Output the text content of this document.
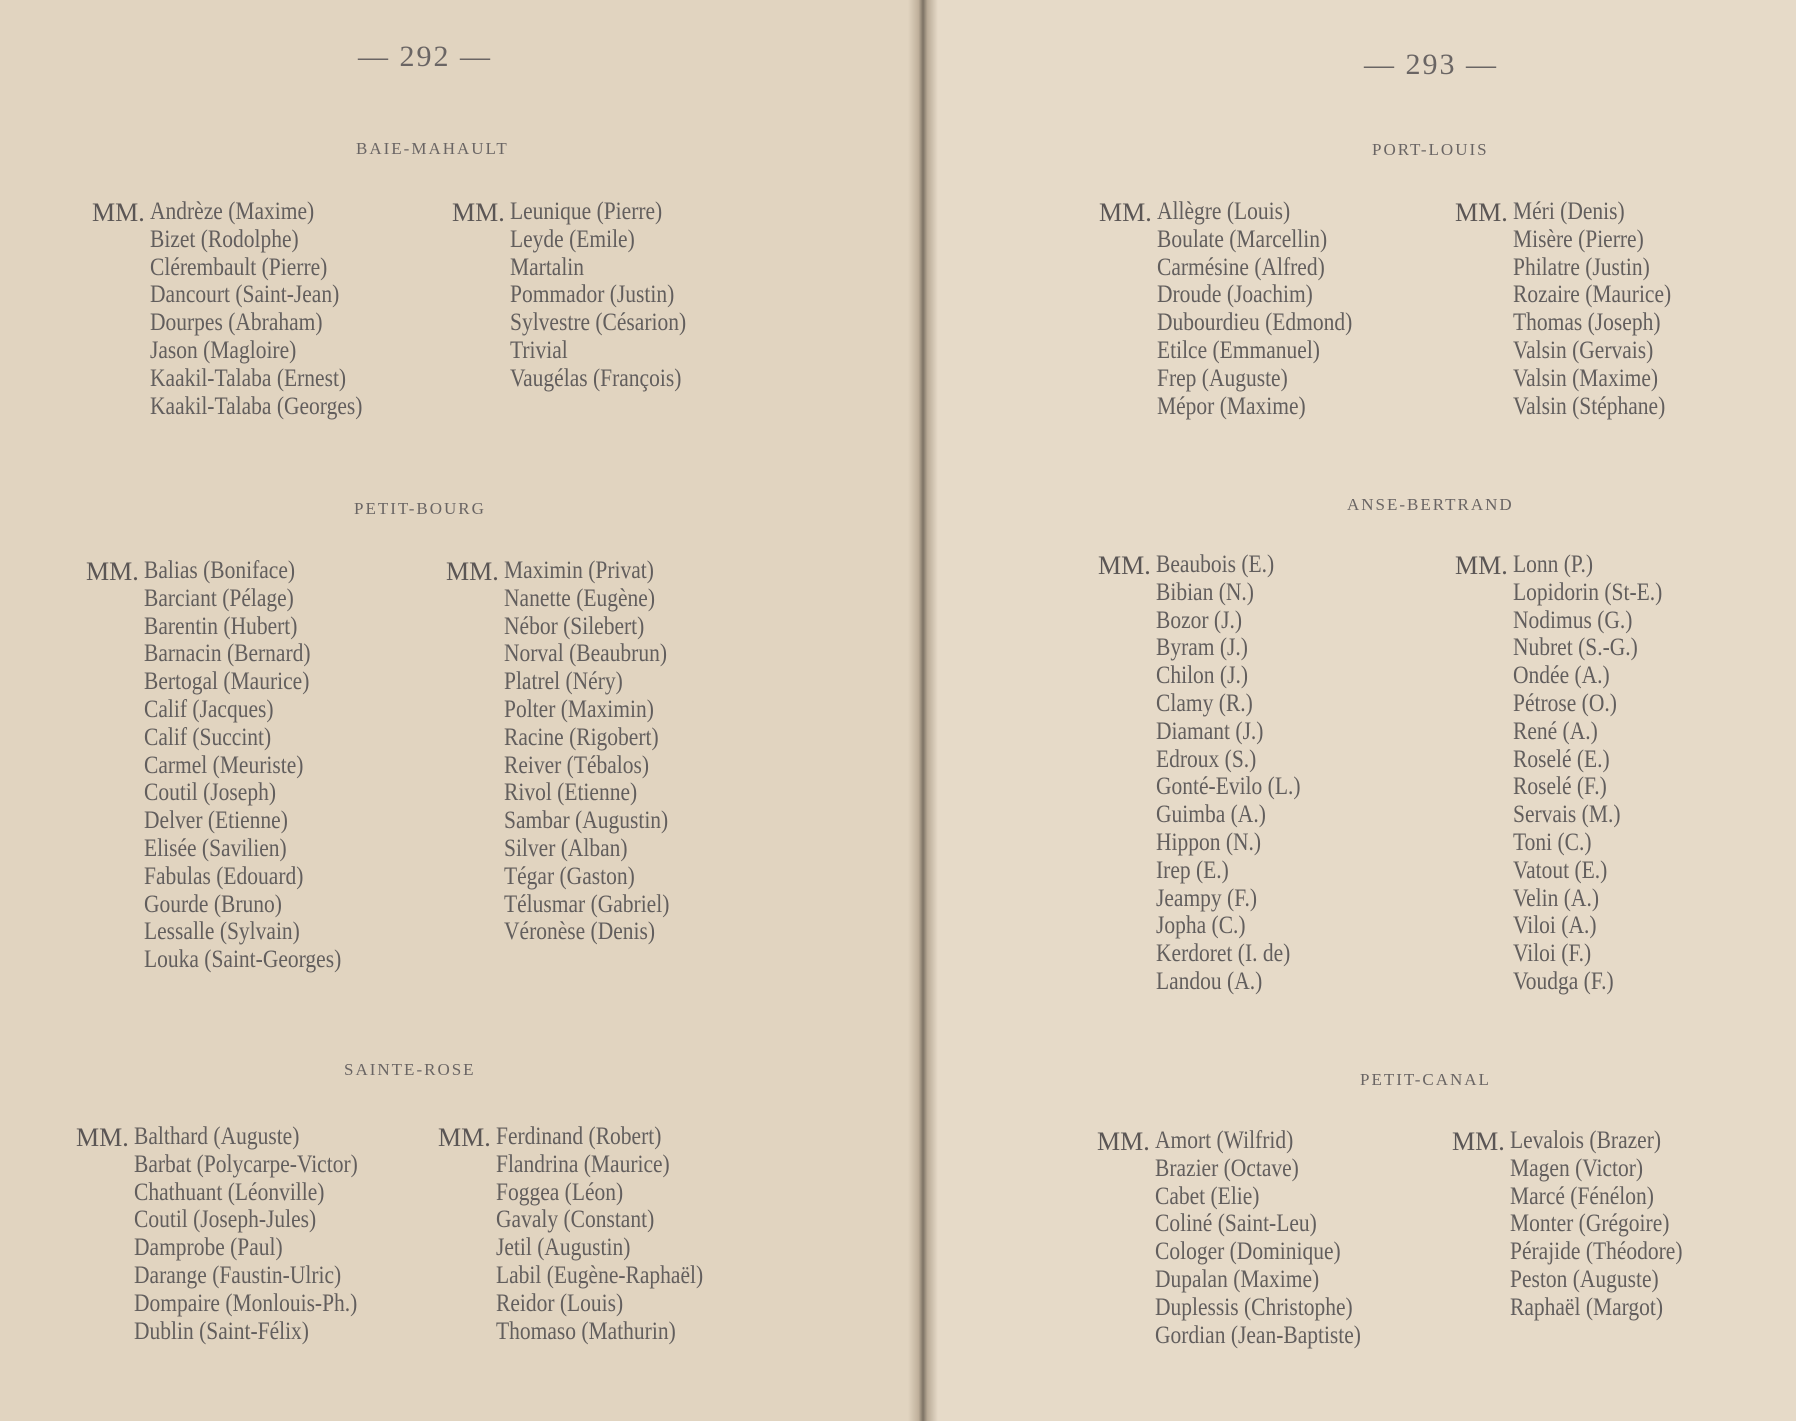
— 292 —
BAIE-MAHAULT
MM. Andrèze (Maxime)
Bizet (Rodolphe)
Clérembault (Pierre)
Dancourt (Saint-Jean)
Dourpes (Abraham)
Jason (Magloire)
Kaakil-Talaba (Ernest)
Kaakil-Talaba (Georges)
MM. Leunique (Pierre)
Leyde (Emile)
Martalin
Pommador (Justin)
Sylvestre (Césarion)
Trivial
Vaugélas (François)
PETIT-BOURG
MM. Balias (Boniface)
Barciant (Pélage)
Barentin (Hubert)
Barnacin (Bernard)
Bertogal (Maurice)
Calif (Jacques)
Calif (Succint)
Carmel (Meuriste)
Coutil (Joseph)
Delver (Etienne)
Elisée (Savilien)
Fabulas (Edouard)
Gourde (Bruno)
Lessalle (Sylvain)
Louka (Saint-Georges)
MM. Maximin (Privat)
Nanette (Eugène)
Nébor (Silebert)
Norval (Beaubrun)
Platrel (Néry)
Polter (Maximin)
Racine (Rigobert)
Reiver (Tébalos)
Rivol (Etienne)
Sambar (Augustin)
Silver (Alban)
Tégar (Gaston)
Télusmar (Gabriel)
Véronèse (Denis)
SAINTE-ROSE
MM. Balthard (Auguste)
Barbat (Polycarpe-Victor)
Chathuant (Léonville)
Coutil (Joseph-Jules)
Damprobe (Paul)
Darange (Faustin-Ulric)
Dompaire (Monlouis-Ph.)
Dublin (Saint-Félix)
MM. Ferdinand (Robert)
Flandrina (Maurice)
Foggea (Léon)
Gavaly (Constant)
Jetil (Augustin)
Labil (Eugène-Raphaël)
Reidor (Louis)
Thomaso (Mathurin)
— 293 —
PORT-LOUIS
MM. Allègre (Louis)
Boulate (Marcellin)
Carmésine (Alfred)
Droude (Joachim)
Dubourdieu (Edmond)
Etilce (Emmanuel)
Frep (Auguste)
Mépor (Maxime)
MM. Méri (Denis)
Misère (Pierre)
Philatre (Justin)
Rozaire (Maurice)
Thomas (Joseph)
Valsin (Gervais)
Valsin (Maxime)
Valsin (Stéphane)
ANSE-BERTRAND
MM. Beaubois (E.)
Bibian (N.)
Bozor (J.)
Byram (J.)
Chilon (J.)
Clamy (R.)
Diamant (J.)
Edroux (S.)
Gonté-Evilo (L.)
Guimba (A.)
Hippon (N.)
Irep (E.)
Jeampy (F.)
Jopha (C.)
Kerdoret (I. de)
Landou (A.)
MM. Lonn (P.)
Lopidorin (St-E.)
Nodimus (G.)
Nubret (S.-G.)
Ondée (A.)
Pétrose (O.)
René (A.)
Roselé (E.)
Roselé (F.)
Servais (M.)
Toni (C.)
Vatout (E.)
Velin (A.)
Viloi (A.)
Viloi (F.)
Voudga (F.)
PETIT-CANAL
MM. Amort (Wilfrid)
Brazier (Octave)
Cabet (Elie)
Coliné (Saint-Leu)
Cologer (Dominique)
Dupalan (Maxime)
Duplessis (Christophe)
Gordian (Jean-Baptiste)
MM. Levalois (Brazer)
Magen (Victor)
Marcé (Fénélon)
Monter (Grégoire)
Pérajide (Théodore)
Peston (Auguste)
Raphaël (Margot)
